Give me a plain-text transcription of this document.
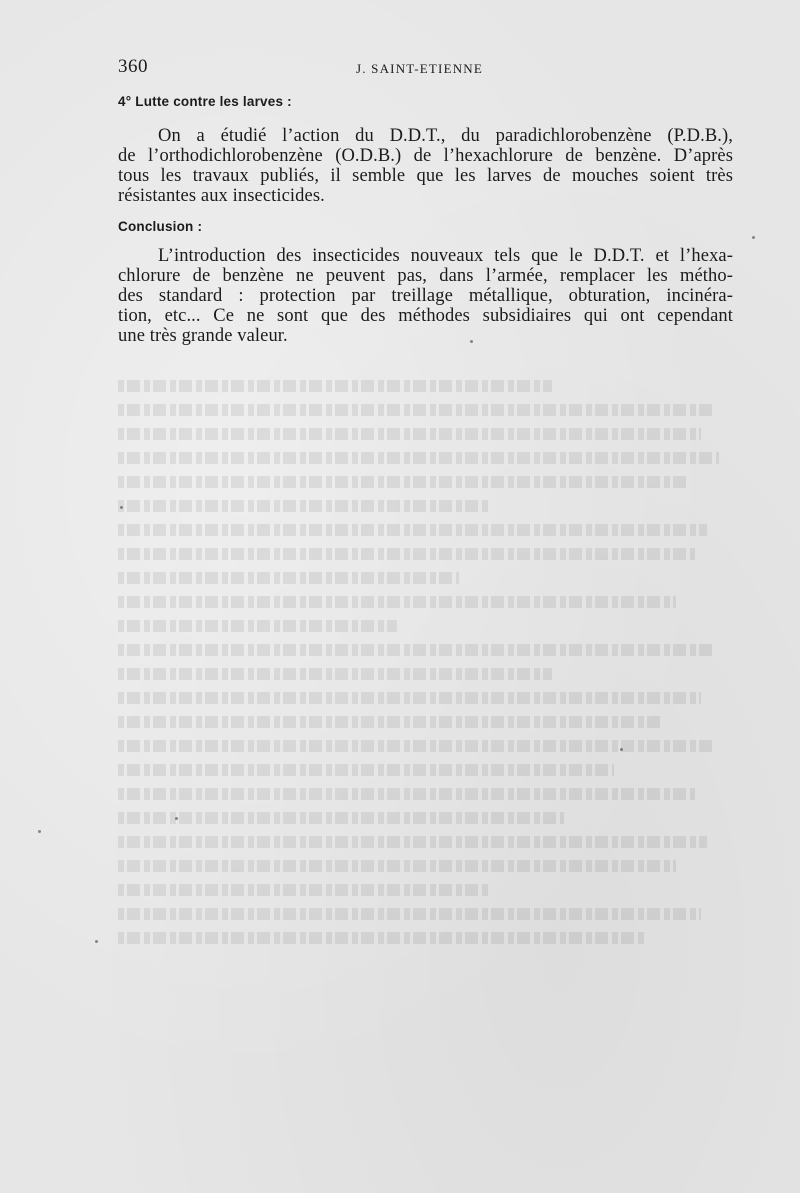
360	J. SAINT-ETIENNE
4° Lutte contre les larves :

On a étudié l’action du D.D.T., du paradichlorobenzène (P.D.B.),
de l’orthodichlorobenzène (O.D.B.) de l’hexachlorure de benzène. D’après
tous les travaux publiés, il semble que les larves de mouches soient très
résistantes aux insecticides.

Conclusion :

L’introduction des insecticides nouveaux tels que le D.D.T. et l’hexa-
chlorure de benzène ne peuvent pas, dans l’armée, remplacer les métho-
des standard : protection par treillage métallique, obturation, incinéra-
tion, etc... Ce ne sont que des méthodes subsidiaires qui ont cependant
une très grande valeur.
